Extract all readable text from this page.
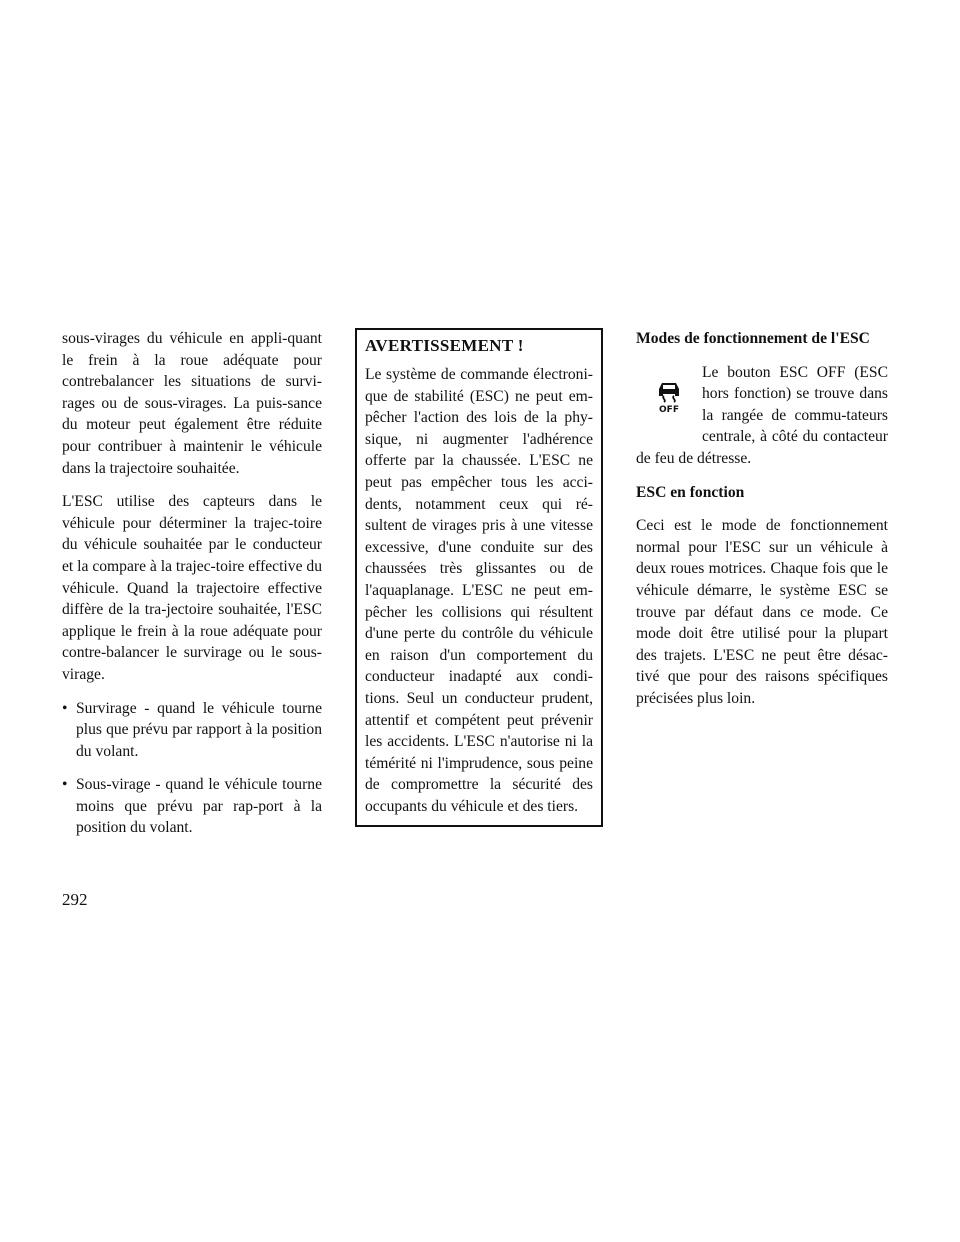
sous-virages du véhicule en appli-quant le frein à la roue adéquate pour contrebalancer les situations de survi-rages ou de sous-virages. La puis-sance du moteur peut également être réduite pour contribuer à maintenir le véhicule dans la trajectoire souhaitée.

L'ESC utilise des capteurs dans le véhicule pour déterminer la trajec-toire du véhicule souhaitée par le conducteur et la compare à la trajec-toire effective du véhicule. Quand la trajectoire effective diffère de la tra-jectoire souhaitée, l'ESC applique le frein à la roue adéquate pour contre-balancer le survirage ou le sous-virage.

• Survirage - quand le véhicule tourne plus que prévu par rapport à la position du volant.
• Sous-virage - quand le véhicule tourne moins que prévu par rap-port à la position du volant.
AVERTISSEMENT !

Le système de commande électroni-que de stabilité (ESC) ne peut em-pêcher l'action des lois de la phy-sique, ni augmenter l'adhérence offerte par la chaussée. L'ESC ne peut pas empêcher tous les acci-dents, notamment ceux qui ré-sultent de virages pris à une vitesse excessive, d'une conduite sur des chaussées très glissantes ou de l'aquaplanage. L'ESC ne peut em-pêcher les collisions qui résultent d'une perte du contrôle du véhicule en raison d'un comportement du conducteur inadapté aux condi-tions. Seul un conducteur prudent, attentif et compétent peut prévenir les accidents. L'ESC n'autorise ni la témérité ni l'imprudence, sous peine de compromettre la sécurité des occupants du véhicule et des tiers.

Modes de fonctionnement de l'ESC

OFF
Le bouton ESC OFF (ESC hors fonction) se trouve dans la rangée de commu-tateurs centrale, à côté du contacteur de feu de détresse.

ESC en fonction

Ceci est le mode de fonctionnement normal pour l'ESC sur un véhicule à deux roues motrices. Chaque fois que le véhicule démarre, le système ESC se trouve par défaut dans ce mode. Ce mode doit être utilisé pour la plupart des trajets. L'ESC ne peut être désac-tivé que pour des raisons spécifiques précisées plus loin.

292
